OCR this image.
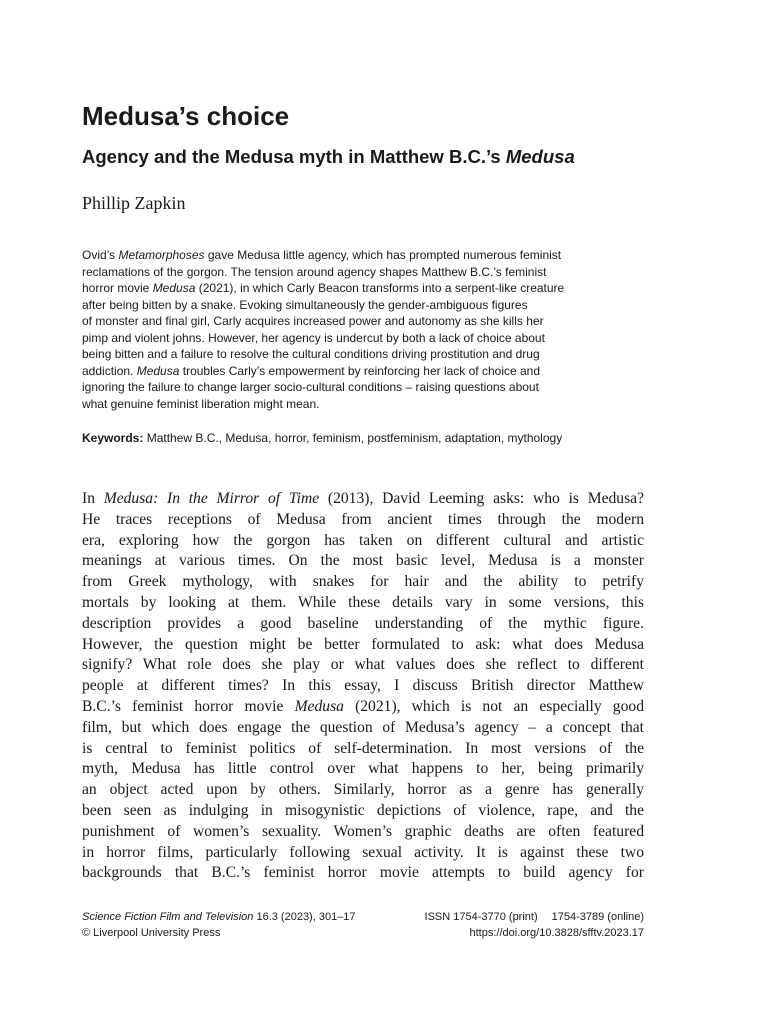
Medusa’s choice
Agency and the Medusa myth in Matthew B.C.’s Medusa

Phillip Zapkin

Ovid’s Metamorphoses gave Medusa little agency, which has prompted numerous feminist
reclamations of the gorgon. The tension around agency shapes Matthew B.C.’s feminist
horror movie Medusa (2021), in which Carly Beacon transforms into a serpent-like creature
after being bitten by a snake. Evoking simultaneously the gender-ambiguous figures
of monster and final girl, Carly acquires increased power and autonomy as she kills her
pimp and violent johns. However, her agency is undercut by both a lack of choice about
being bitten and a failure to resolve the cultural conditions driving prostitution and drug
addiction. Medusa troubles Carly’s empowerment by reinforcing her lack of choice and
ignoring the failure to change larger socio-cultural conditions – raising questions about
what genuine feminist liberation might mean.

Keywords: Matthew B.C., Medusa, horror, feminism, postfeminism, adaptation, mythology

In Medusa: In the Mirror of Time (2013), David Leeming asks: who is Medusa?
He traces receptions of Medusa from ancient times through the modern
era, exploring how the gorgon has taken on different cultural and artistic
meanings at various times. On the most basic level, Medusa is a monster
from Greek mythology, with snakes for hair and the ability to petrify
mortals by looking at them. While these details vary in some versions, this
description provides a good baseline understanding of the mythic figure.
However, the question might be better formulated to ask: what does Medusa
signify? What role does she play or what values does she reflect to different
people at different times? In this essay, I discuss British director Matthew
B.C.’s feminist horror movie Medusa (2021), which is not an especially good
film, but which does engage the question of Medusa’s agency – a concept that
is central to feminist politics of self-determination. In most versions of the
myth, Medusa has little control over what happens to her, being primarily
an object acted upon by others. Similarly, horror as a genre has generally
been seen as indulging in misogynistic depictions of violence, rape, and the
punishment of women’s sexuality. Women’s graphic deaths are often featured
in horror films, particularly following sexual activity. It is against these two
backgrounds that B.C.’s feminist horror movie attempts to build agency for
Science Fiction Film and Television 16.3 (2023), 301–17
© Liverpool University Press
ISSN 1754-3770 (print) 1754-3789 (online)
https://doi.org/10.3828/sfftv.2023.17
